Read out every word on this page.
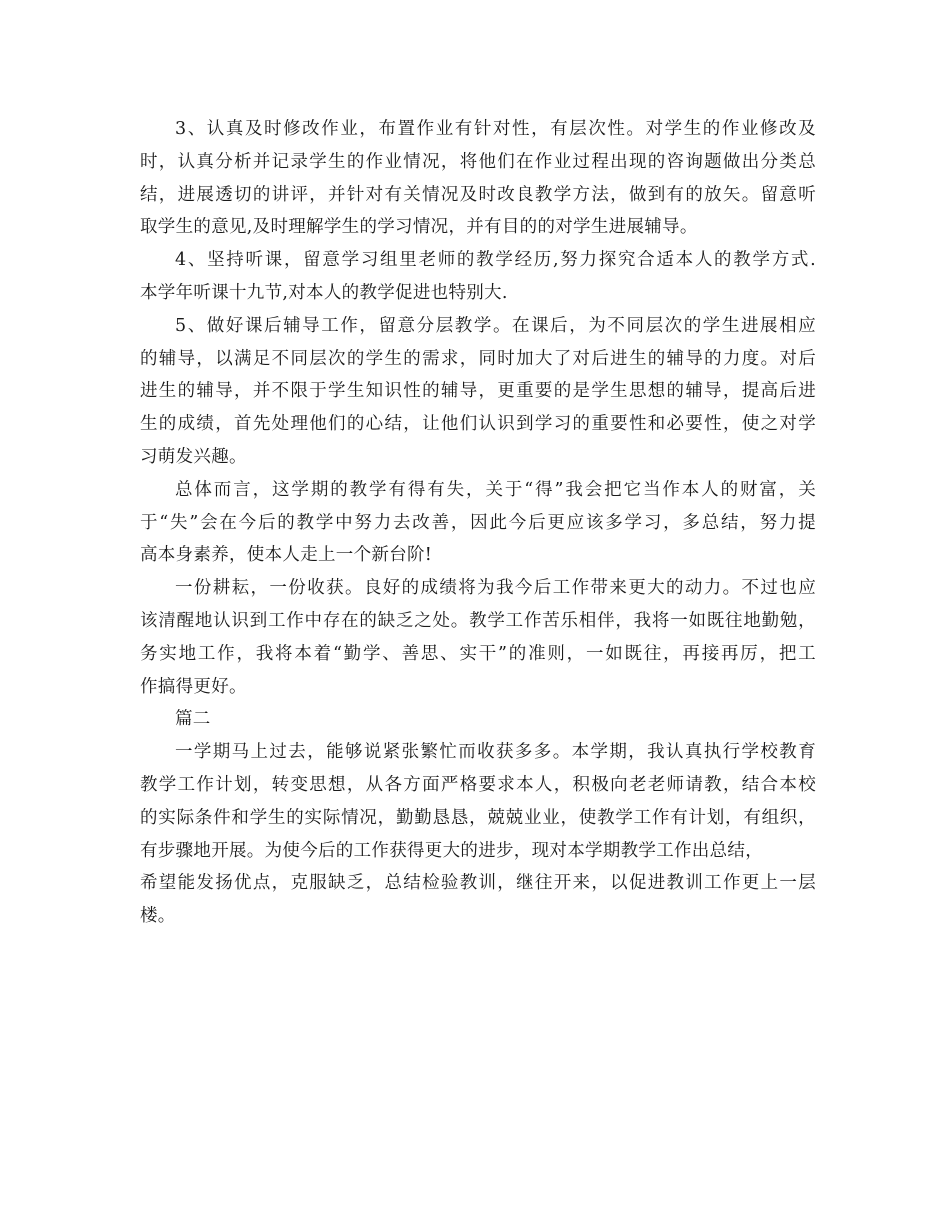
3、认真及时修改作业，布置作业有针对性，有层次性。对学生的作业修改及
时，认真分析并记录学生的作业情况，将他们在作业过程出现的咨询题做出分类总
结，进展透切的讲评，并针对有关情况及时改良教学方法，做到有的放矢。留意听
取学生的意见,及时理解学生的学习情况，并有目的的对学生进展辅导。
4、坚持听课，留意学习组里老师的教学经历,努力探究合适本人的教学方式.
本学年听课十九节,对本人的教学促进也特别大.
5、做好课后辅导工作，留意分层教学。在课后，为不同层次的学生进展相应
的辅导，以满足不同层次的学生的需求，同时加大了对后进生的辅导的力度。对后
进生的辅导，并不限于学生知识性的辅导，更重要的是学生思想的辅导，提高后进
生的成绩，首先处理他们的心结，让他们认识到学习的重要性和必要性，使之对学
习萌发兴趣。
总体而言，这学期的教学有得有失，关于“得”我会把它当作本人的财富，关
于“失”会在今后的教学中努力去改善，因此今后更应该多学习，多总结，努力提
高本身素养，使本人走上一个新台阶!
一份耕耘，一份收获。良好的成绩将为我今后工作带来更大的动力。不过也应
该清醒地认识到工作中存在的缺乏之处。教学工作苦乐相伴，我将一如既往地勤勉，
务实地工作，我将本着“勤学、善思、实干”的准则，一如既往，再接再厉，把工
作搞得更好。
篇二
一学期马上过去，能够说紧张繁忙而收获多多。本学期，我认真执行学校教育
教学工作计划，转变思想，从各方面严格要求本人，积极向老老师请教，结合本校
的实际条件和学生的实际情况，勤勤恳恳，兢兢业业，使教学工作有计划，有组织，
有步骤地开展。为使今后的工作获得更大的进步，现对本学期教学工作出总结，
希望能发扬优点，克服缺乏，总结检验教训，继往开来，以促进教训工作更上一层
楼。
